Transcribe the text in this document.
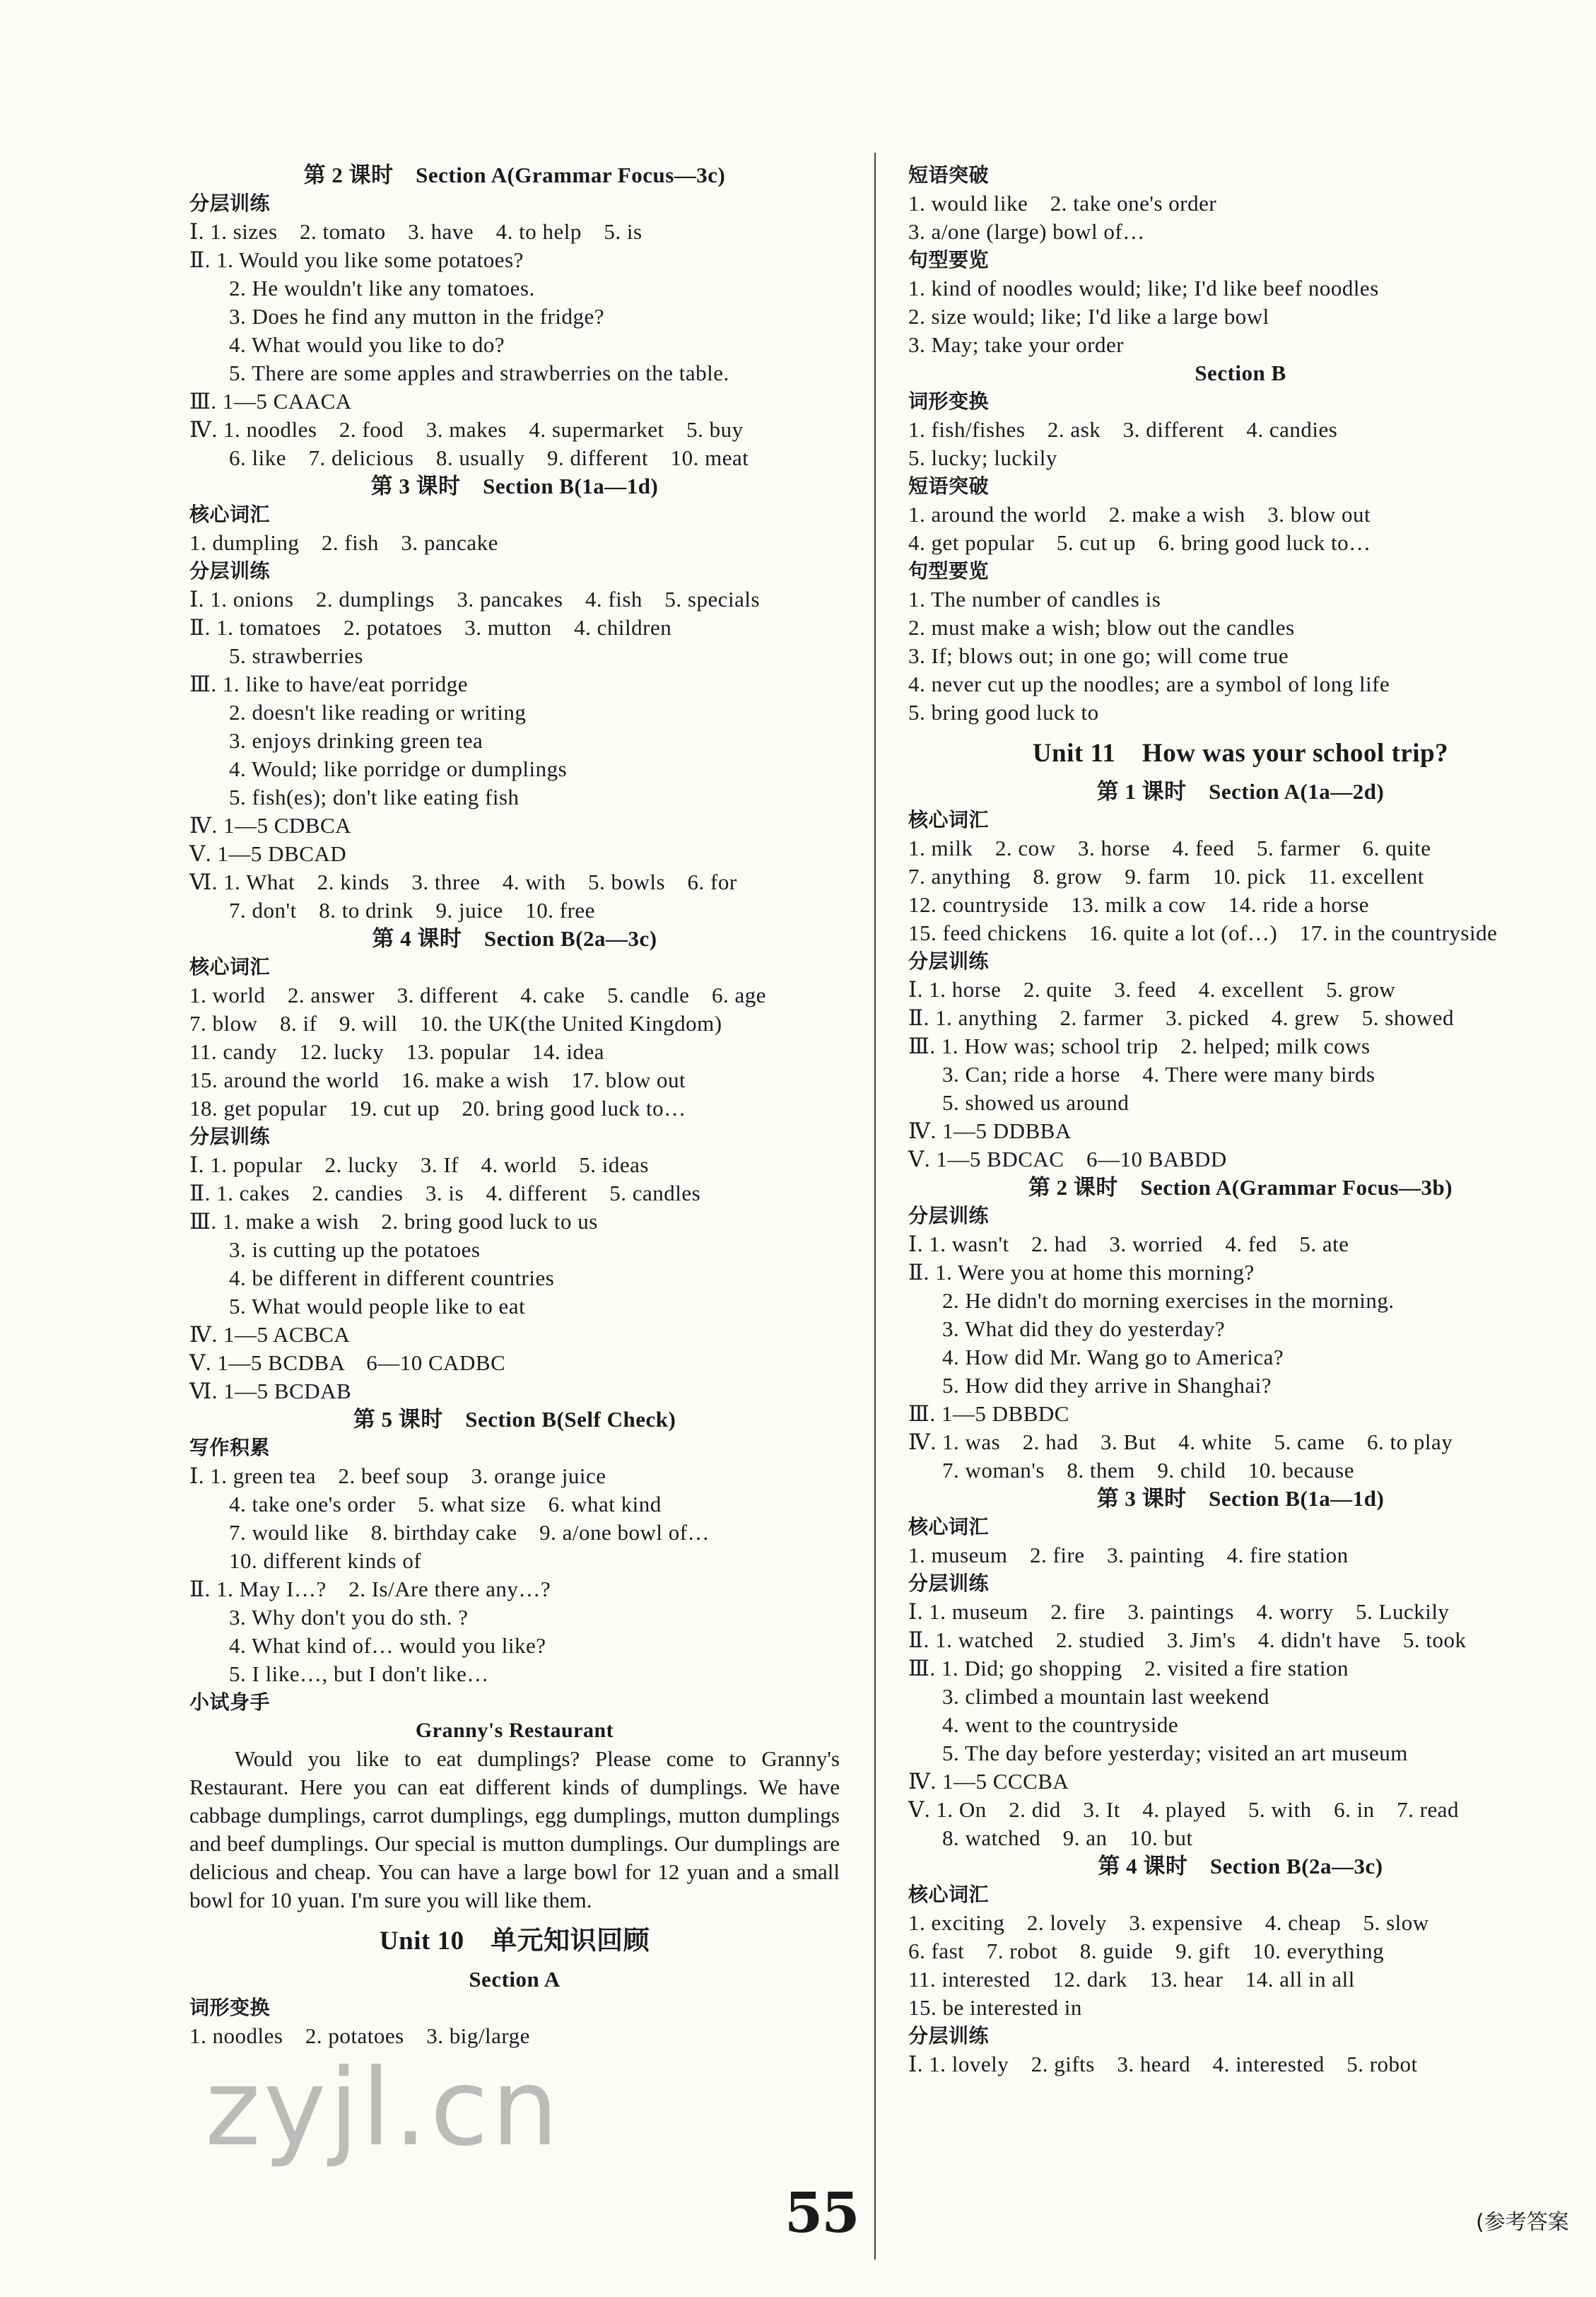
第 2 课时　Section A(Grammar Focus—3c)
分层训练
Ⅰ. 1. sizes　2. tomato　3. have　4. to help　5. is
Ⅱ. 1. Would you like some potatoes?
2. He wouldn't like any tomatoes.
3. Does he find any mutton in the fridge?
4. What would you like to do?
5. There are some apples and strawberries on the table.
Ⅲ. 1—5 CAACA
Ⅳ. 1. noodles　2. food　3. makes　4. supermarket　5. buy
6. like　7. delicious　8. usually　9. different　10. meat
第 3 课时　Section B(1a—1d)
核心词汇
1. dumpling　2. fish　3. pancake
分层训练
Ⅰ. 1. onions　2. dumplings　3. pancakes　4. fish　5. specials
Ⅱ. 1. tomatoes　2. potatoes　3. mutton　4. children
5. strawberries
Ⅲ. 1. like to have/eat porridge
2. doesn't like reading or writing
3. enjoys drinking green tea
4. Would; like porridge or dumplings
5. fish(es); don't like eating fish
Ⅳ. 1—5 CDBCA
Ⅴ. 1—5 DBCAD
Ⅵ. 1. What　2. kinds　3. three　4. with　5. bowls　6. for
7. don't　8. to drink　9. juice　10. free
第 4 课时　Section B(2a—3c)
核心词汇
1. world　2. answer　3. different　4. cake　5. candle　6. age
7. blow　8. if　9. will　10. the UK(the United Kingdom)
11. candy　12. lucky　13. popular　14. idea
15. around the world　16. make a wish　17. blow out
18. get popular　19. cut up　20. bring good luck to…
分层训练
Ⅰ. 1. popular　2. lucky　3. If　4. world　5. ideas
Ⅱ. 1. cakes　2. candies　3. is　4. different　5. candles
Ⅲ. 1. make a wish　2. bring good luck to us
3. is cutting up the potatoes
4. be different in different countries
5. What would people like to eat
Ⅳ. 1—5 ACBCA
Ⅴ. 1—5 BCDBA　6—10 CADBC
Ⅵ. 1—5 BCDAB
第 5 课时　Section B(Self Check)
写作积累
Ⅰ. 1. green tea　2. beef soup　3. orange juice
4. take one's order　5. what size　6. what kind
7. would like　8. birthday cake　9. a/one bowl of…
10. different kinds of
Ⅱ. 1. May I…?　2. Is/Are there any…?
3. Why don't you do sth. ?
4. What kind of… would you like?
5. I like…, but I don't like…
小试身手
Granny's Restaurant

Would you like to eat dumplings? Please come to Granny's Restaurant. Here you can eat different kinds of dumplings. We have cabbage dumplings, carrot dumplings, egg dumplings, mutton dumplings and beef dumplings. Our special is mutton dumplings. Our dumplings are delicious and cheap. You can have a large bowl for 12 yuan and a small bowl for 10 yuan. I'm sure you will like them.

Unit 10　单元知识回顾
Section A
词形变换
1. noodles　2. potatoes　3. big/large
短语突破
1. would like　2. take one's order
3. a/one (large) bowl of…
句型要览
1. kind of noodles would; like; I'd like beef noodles
2. size would; like; I'd like a large bowl
3. May; take your order
Section B
词形变换
1. fish/fishes　2. ask　3. different　4. candies
5. lucky; luckily
短语突破
1. around the world　2. make a wish　3. blow out
4. get popular　5. cut up　6. bring good luck to…
句型要览
1. The number of candles is
2. must make a wish; blow out the candles
3. If; blows out; in one go; will come true
4. never cut up the noodles; are a symbol of long life
5. bring good luck to
Unit 11　How was your school trip?
第 1 课时　Section A(1a—2d)
核心词汇
1. milk　2. cow　3. horse　4. feed　5. farmer　6. quite
7. anything　8. grow　9. farm　10. pick　11. excellent
12. countryside　13. milk a cow　14. ride a horse
15. feed chickens　16. quite a lot (of…)　17. in the countryside
分层训练
Ⅰ. 1. horse　2. quite　3. feed　4. excellent　5. grow
Ⅱ. 1. anything　2. farmer　3. picked　4. grew　5. showed
Ⅲ. 1. How was; school trip　2. helped; milk cows
3. Can; ride a horse　4. There were many birds
5. showed us around
Ⅳ. 1—5 DDBBA
Ⅴ. 1—5 BDCAC　6—10 BABDD
第 2 课时　Section A(Grammar Focus—3b)
分层训练
Ⅰ. 1. wasn't　2. had　3. worried　4. fed　5. ate
Ⅱ. 1. Were you at home this morning?
2. He didn't do morning exercises in the morning.
3. What did they do yesterday?
4. How did Mr. Wang go to America?
5. How did they arrive in Shanghai?
Ⅲ. 1—5 DBBDC
Ⅳ. 1. was　2. had　3. But　4. white　5. came　6. to play
7. woman's　8. them　9. child　10. because
第 3 课时　Section B(1a—1d)
核心词汇
1. museum　2. fire　3. painting　4. fire station
分层训练
Ⅰ. 1. museum　2. fire　3. paintings　4. worry　5. Luckily
Ⅱ. 1. watched　2. studied　3. Jim's　4. didn't have　5. took
Ⅲ. 1. Did; go shopping　2. visited a fire station
3. climbed a mountain last weekend
4. went to the countryside
5. The day before yesterday; visited an art museum
Ⅳ. 1—5 CCCBA
Ⅴ. 1. On　2. did　3. It　4. played　5. with　6. in　7. read
8. watched　9. an　10. but
第 4 课时　Section B(2a—3c)
核心词汇
1. exciting　2. lovely　3. expensive　4. cheap　5. slow
6. fast　7. robot　8. guide　9. gift　10. everything
11. interested　12. dark　13. hear　14. all in all
15. be interested in
分层训练
Ⅰ. 1. lovely　2. gifts　3. heard　4. interested　5. robot
zyjl.cn
55	(参考答案
